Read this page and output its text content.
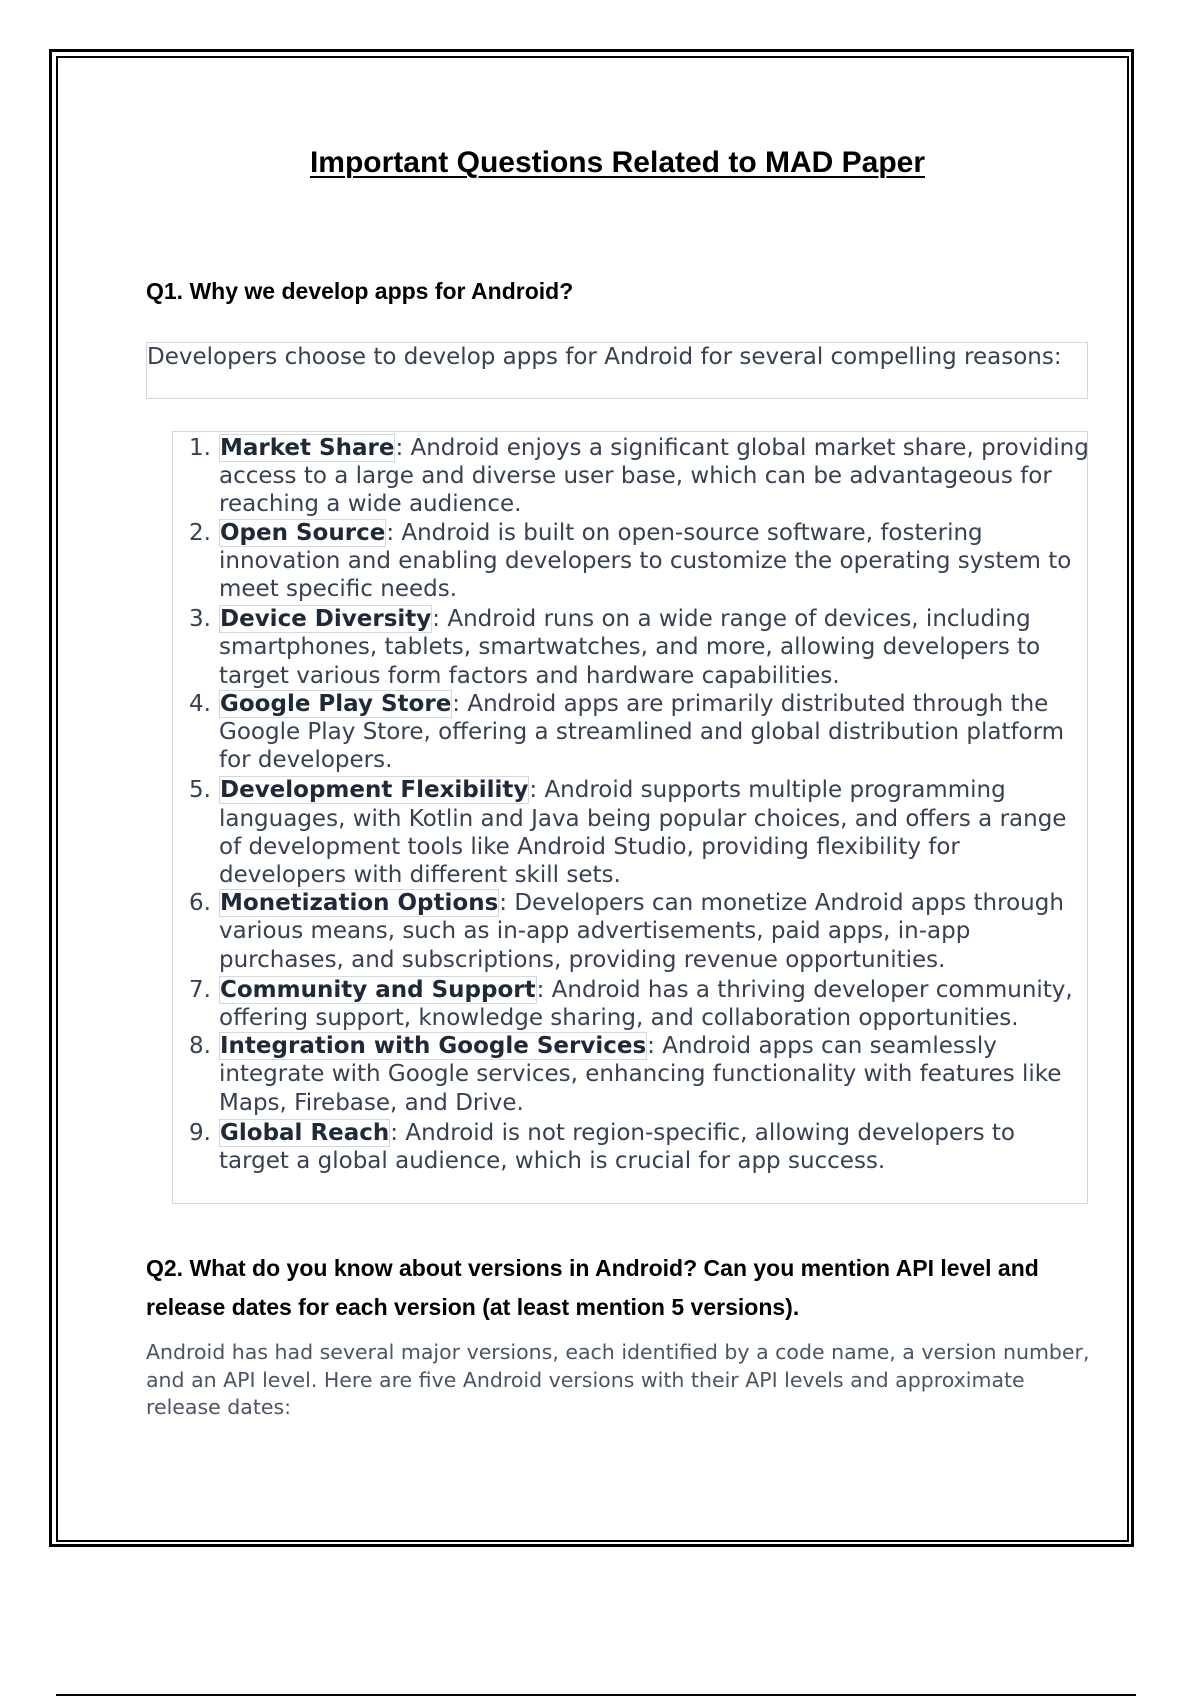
Important Questions Related to MAD Paper
Q1. Why we develop apps for Android?

Developers choose to develop apps for Android for several compelling reasons:

1. Market Share: Android enjoys a significant global market share, providing access to a large and diverse user base, which can be advantageous for reaching a wide audience.
2. Open Source: Android is built on open-source software, fostering innovation and enabling developers to customize the operating system to meet specific needs.
3. Device Diversity: Android runs on a wide range of devices, including smartphones, tablets, smartwatches, and more, allowing developers to target various form factors and hardware capabilities.
4. Google Play Store: Android apps are primarily distributed through the Google Play Store, offering a streamlined and global distribution platform for developers.
5. Development Flexibility: Android supports multiple programming languages, with Kotlin and Java being popular choices, and offers a range of development tools like Android Studio, providing flexibility for developers with different skill sets.
6. Monetization Options: Developers can monetize Android apps through various means, such as in-app advertisements, paid apps, in-app purchases, and subscriptions, providing revenue opportunities.
7. Community and Support: Android has a thriving developer community, offering support, knowledge sharing, and collaboration opportunities.
8. Integration with Google Services: Android apps can seamlessly integrate with Google services, enhancing functionality with features like Maps, Firebase, and Drive.
9. Global Reach: Android is not region-specific, allowing developers to target a global audience, which is crucial for app success.
Q2. What do you know about versions in Android? Can you mention API level and release dates for each version (at least mention 5 versions).

Android has had several major versions, each identified by a code name, a version number, and an API level. Here are five Android versions with their API levels and approximate release dates:
